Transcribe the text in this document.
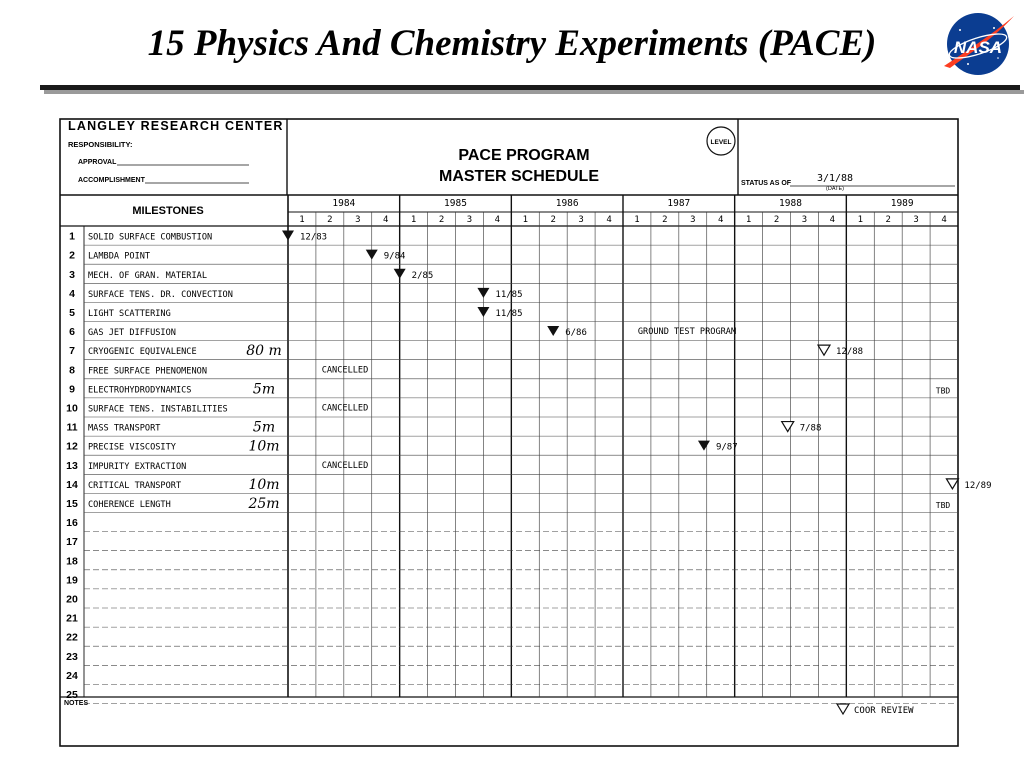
15 Physics And Chemistry Experiments (PACE)	NASA
LANGLEY RESEARCH CENTER
RESPONSIBILITY:
APPROVAL
ACCOMPLISHMENT
PACE PROGRAM
MASTER SCHEDULE
LEVEL
STATUS AS OF	3/1/88
(DATE)
MILESTONES
NOTES
COOR REVIEW
1984
1 2 3 4
1985
1 2 3 4
1986
1 2 3 4
1987
1 2 3 4
1988
1 2 3 4
1989
1 2 3 4
1 SOLID SURFACE COMBUSTION	12/83
2 LAMBDA POINT	9/84
3 MECH. OF GRAN. MATERIAL	2/85
4 SURFACE TENS. DR. CONVECTION	11/85
5 LIGHT SCATTERING	11/85
6 GAS JET DIFFUSION	6/86	GROUND TEST PROGRAM
7 CRYOGENIC EQUIVALENCE	80 m	12/88
8 FREE SURFACE PHENOMENON	CANCELLED
9 ELECTROHYDRODYNAMICS	5m	TBD
10 SURFACE TENS. INSTABILITIES	CANCELLED
11 MASS TRANSPORT	5m	7/88
12 PRECISE VISCOSITY	10m	9/87
13 IMPURITY EXTRACTION	CANCELLED
14 CRITICAL TRANSPORT	10m	12/89
15 COHERENCE LENGTH	25m	TBD
16
17
18
19
20
21
22
23
24
25
